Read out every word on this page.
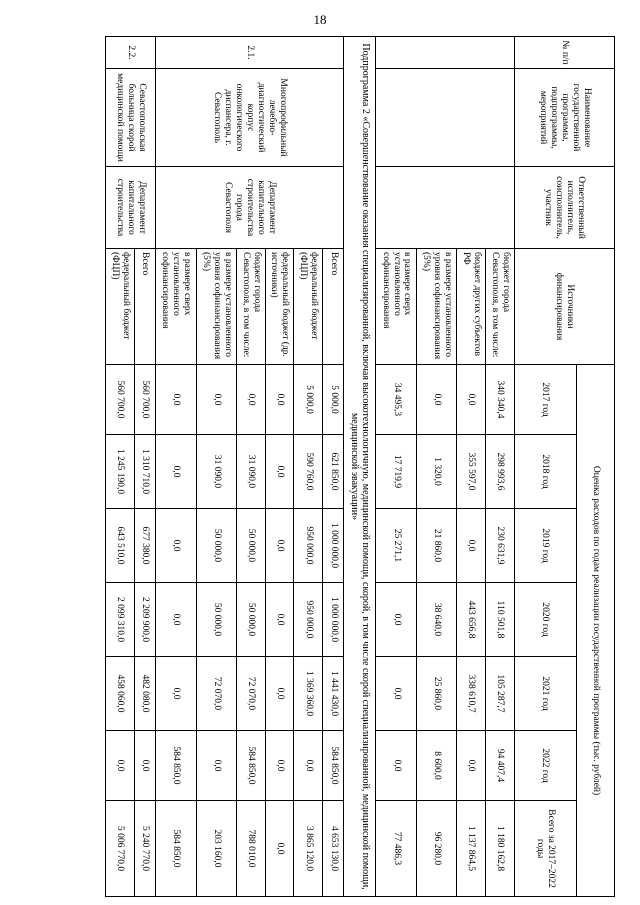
18
№ п/п	Наименование государственной программы, подпрограммы, мероприятий	Ответственный исполнитель, соисполнитель, участник	Источники финансирования	Оценка расходов по годам реализации государственной программы (тыс. рублей)						
				2017 год	2018 год	2019 год	2020 год	2021 год	2022 год	Всего за 2017–2022 годы
			бюджет города Севастополя, в том числе:	340 340,4	298 993,6	230 631,9	110 501,8	105 287,7	94 407,4	1 180 162,8
			бюджет других субъектов РФ	0,0	355 597,0	0,0	443 656,8	338 610,7	0,0	1 137 864,5
			в размере установленного уровня софинансирования (5%)	0,0	1 320,0	21 860,0	38 640,0	25 860,0	8 600,0	96 280,0
			в размере сверх установленного софинансирования	34 495,3	17 719,9	25 271,1	0,0	0,0	0,0	77 486,3
Подпрограмма 2 «Совершенствование оказания специализированной, включая высокотехнологичную, медицинской помощи, скорой, в том числе скорой специализированной, медицинской помощи, медицинской эвакуации»										
2.1.	Многопрофильный лечебно-диагностический корпус онкологического диспансера, г. Севастополь	Департамент капитального строительства города Севастополя	Всего	5 000,0	621 850,0	1 000 000,0	1 000 000,0	1 441 430,0	584 850,0	4 653 130,0
			федеральный бюджет (ФЦП)	5 000,0	590 760,0	950 000,0	950 000,0	1 369 360,0	0,0	3 865 120,0
			федеральный бюджет (др. источники)	0,0	0,0	0,0	0,0	0,0	0,0	0,0
			бюджет города Севастополя, в том числе:	0,0	31 090,0	50 000,0	50 000,0	72 070,0	584 850,0	788 010,0
			в размере установленного уровня софинансирования (5%)	0,0	31 090,0	50 000,0	50 000,0	72 070,0	0,0	203 160,0
			в размере сверх установленного софинансирования	0,0	0,0	0,0	0,0	0,0	584 850,0	584 850,0
2.2.	Севастопольская больница скорой медицинской помощи	Департамент капитального строительства	Всего	560 700,0	1 310 710,0	677 380,0	2 209 900,0	482 080,0	0,0	5 240 770,0
			федеральный бюджет (ФЦП)	560 700,0	1 245 190,0	643 510,0	2 099 310,0	458 060,0	0,0	5 006 770,0
